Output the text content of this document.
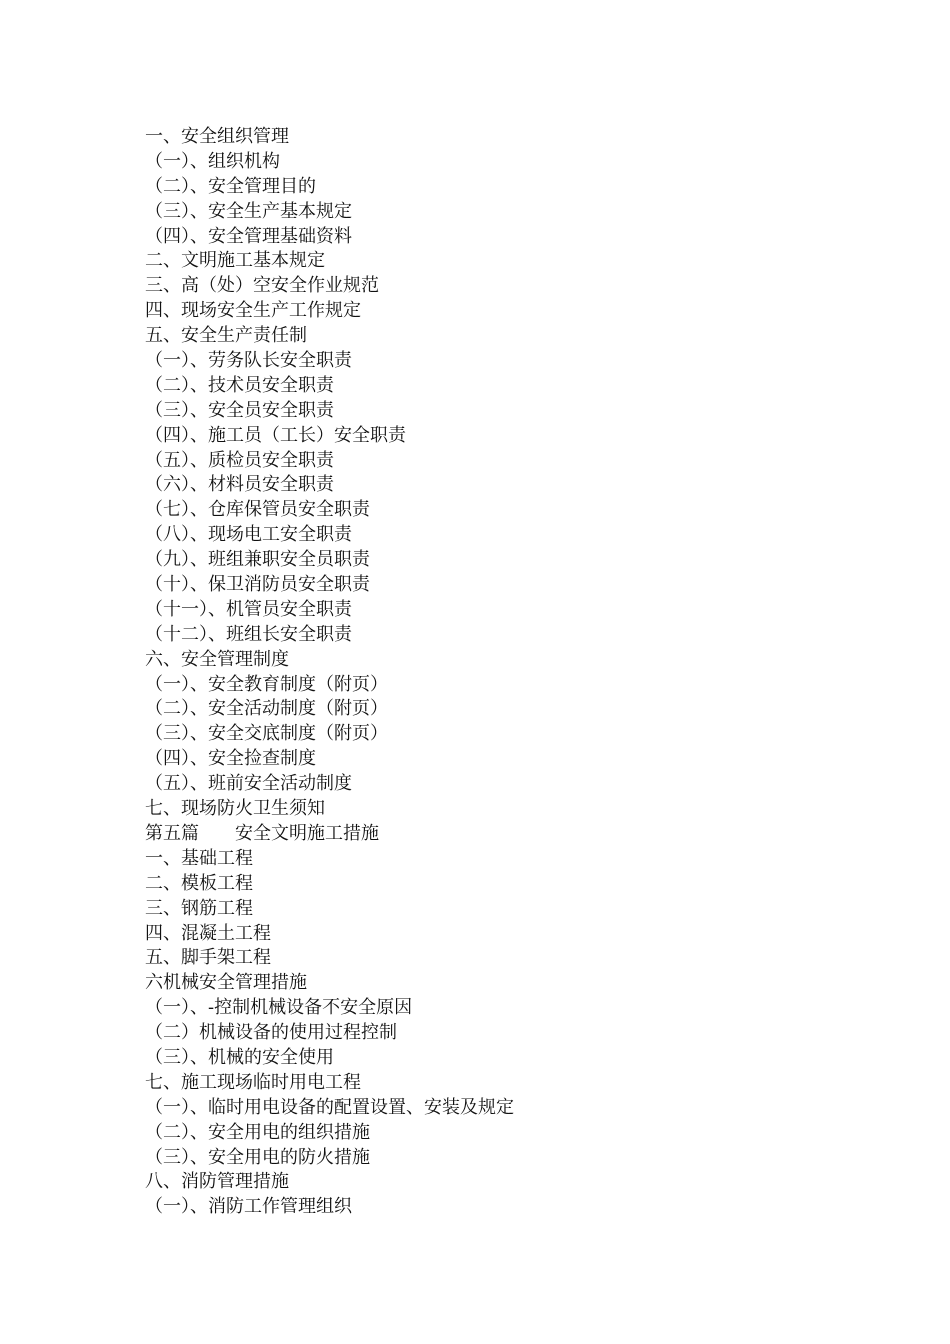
一、安全组织管理
（一）、组织机构
（二）、安全管理目的
（三）、安全生产基本规定
（四）、安全管理基础资料
二、文明施工基本规定
三、高（处）空安全作业规范
四、现场安全生产工作规定
五、安全生产责任制
（一）、劳务队长安全职责
（二）、技术员安全职责
（三）、安全员安全职责
（四）、施工员（工长）安全职责
（五）、质检员安全职责
（六）、材料员安全职责
（七）、仓库保管员安全职责
（八）、现场电工安全职责
（九）、班组兼职安全员职责
（十）、保卫消防员安全职责
（十一）、机管员安全职责
（十二）、班组长安全职责
六、安全管理制度
（一）、安全教育制度（附页）
（二）、安全活动制度（附页）
（三）、安全交底制度（附页）
（四）、安全捡查制度
（五）、班前安全活动制度
七、现场防火卫生须知
第五篇　　安全文明施工措施
一、基础工程
二、模板工程
三、钢筋工程
四、混凝土工程
五、脚手架工程
六机械安全管理措施
（一）、-控制机械设备不安全原因
（二）机械设备的使用过程控制
（三）、机械的安全使用
七、施工现场临时用电工程
（一）、临时用电设备的配置设置、安装及规定
（二）、安全用电的组织措施
（三）、安全用电的防火措施
八、消防管理措施
（一）、消防工作管理组织
